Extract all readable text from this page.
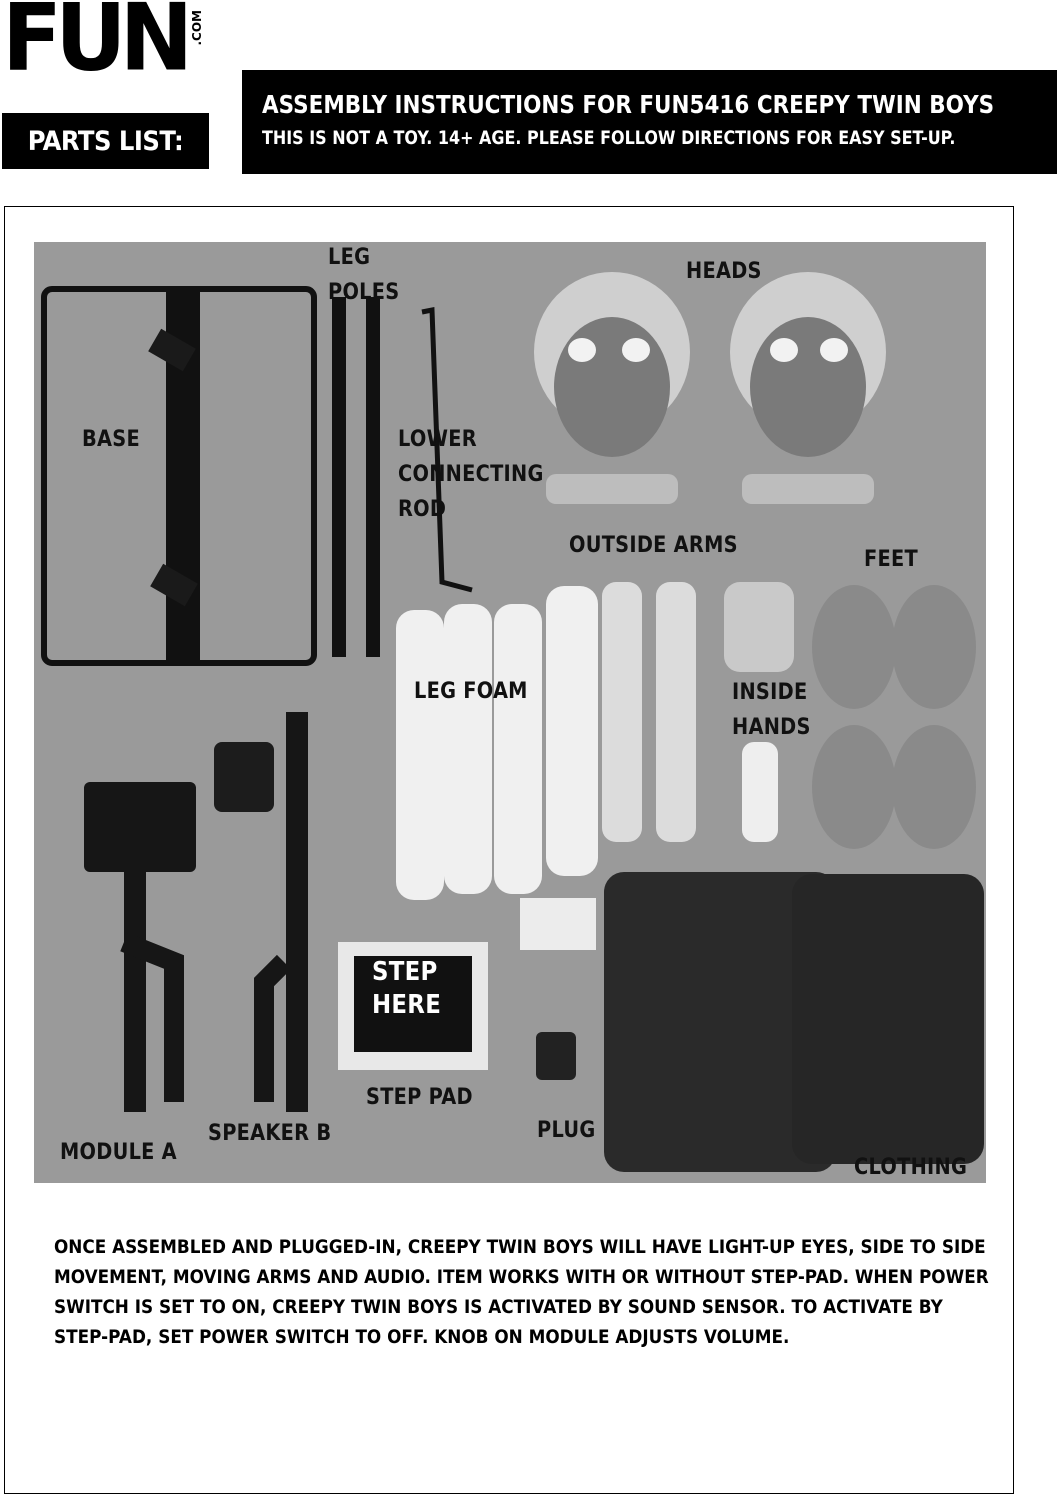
FUN .COM
PARTS LIST:
ASSEMBLY INSTRUCTIONS FOR FUN5416 CREEPY TWIN BOYS
THIS IS NOT A TOY. 14+ AGE. PLEASE FOLLOW DIRECTIONS FOR EASY SET-UP.
LEG
POLES
HEADS
BASE	LOWER
CONNECTING
ROD
OUTSIDE ARMS
FEET
LEG FOAM	INSIDE
HANDS
STEP
HERE
STEP PAD
SPEAKER B	PLUG
MODULE A
CLOTHING
ONCE ASSEMBLED AND PLUGGED-IN, CREEPY TWIN BOYS WILL HAVE LIGHT-UP EYES, SIDE TO SIDE MOVEMENT, MOVING ARMS AND AUDIO. ITEM WORKS WITH OR WITHOUT STEP-PAD. WHEN POWER SWITCH IS SET TO ON, CREEPY TWIN BOYS IS ACTIVATED BY SOUND SENSOR. TO ACTIVATE BY STEP-PAD, SET POWER SWITCH TO OFF. KNOB ON MODULE ADJUSTS VOLUME.
